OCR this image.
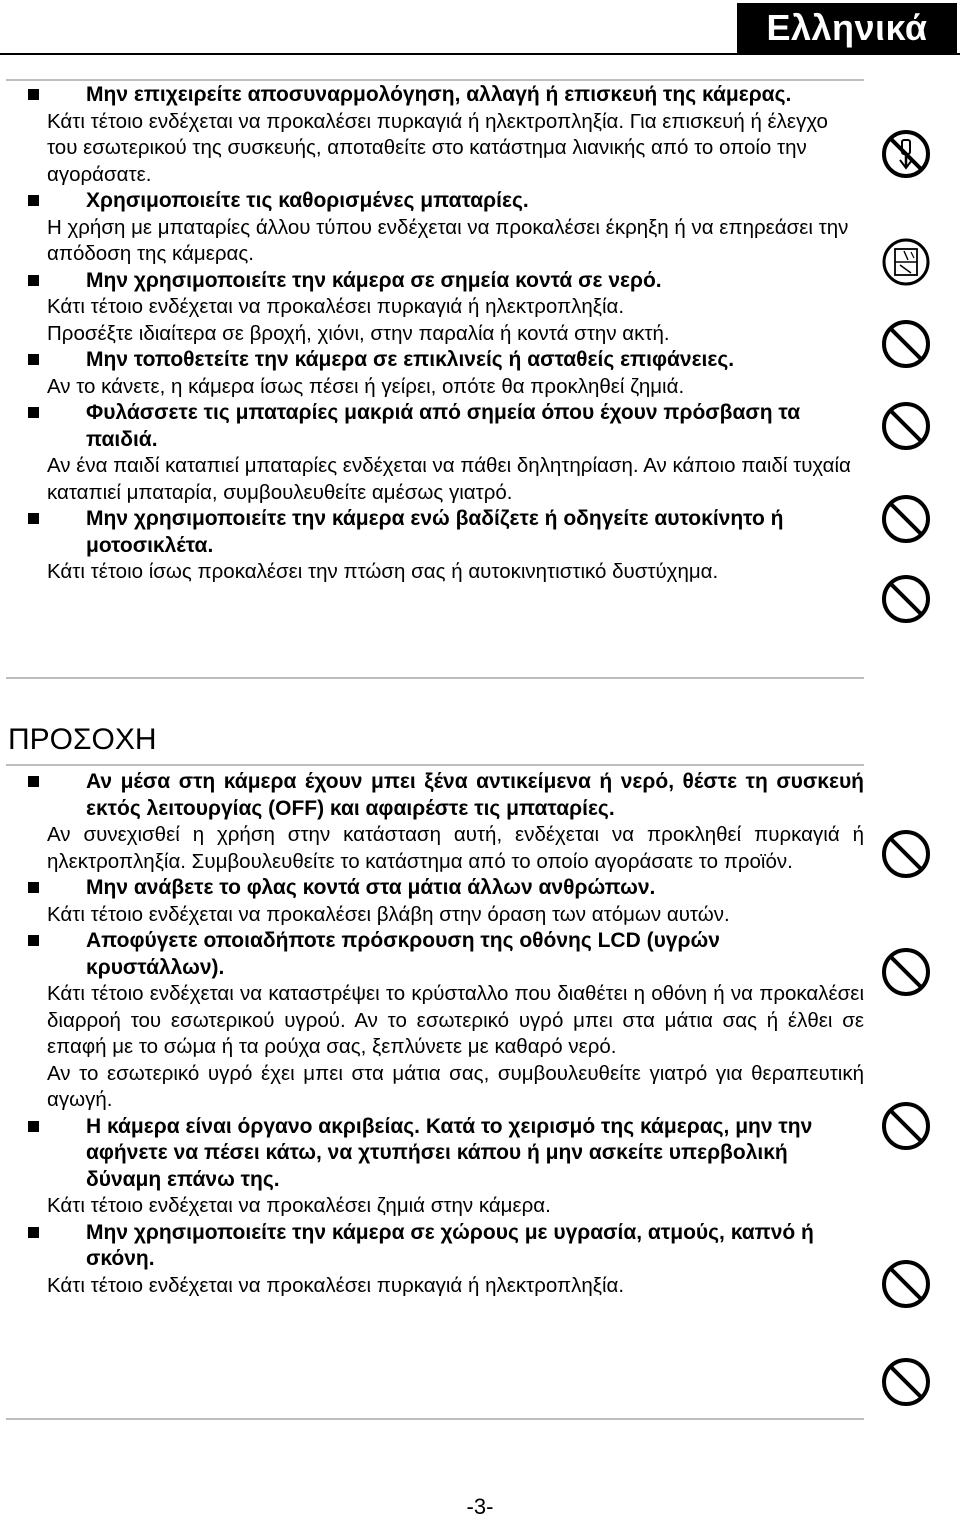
Ελληνικά
Μην επιχειρείτε αποσυναρμολόγηση, αλλαγή ή επισκευή της κάμερας.

Κάτι τέτοιο ενδέχεται να προκαλέσει πυρκαγιά ή ηλεκτροπληξία. Για επισκευή ή έλεγχο του εσωτερικού της συσκευής, αποταθείτε στο κατάστημα λιανικής από το οποίο την αγοράσατε.

Χρησιμοποιείτε τις καθορισμένες μπαταρίες.

Η χρήση με μπαταρίες άλλου τύπου ενδέχεται να προκαλέσει έκρηξη ή να επηρεάσει την απόδοση της κάμερας.

Μην χρησιμοποιείτε την κάμερα σε σημεία κοντά σε νερό.

Κάτι τέτοιο ενδέχεται να προκαλέσει πυρκαγιά ή ηλεκτροπληξία.

Προσέξτε ιδιαίτερα σε βροχή, χιόνι, στην παραλία ή κοντά στην ακτή.

Μην τοποθετείτε την κάμερα σε επικλινείς ή ασταθείς επιφάνειες.

Αν το κάνετε, η κάμερα ίσως πέσει ή γείρει, οπότε θα προκληθεί ζημιά.

Φυλάσσετε τις μπαταρίες μακριά από σημεία όπου έχουν πρόσβαση τα παιδιά.

Αν ένα παιδί καταπιεί μπαταρίες ενδέχεται να πάθει δηλητηρίαση. Αν κάποιο παιδί τυχαία καταπιεί μπαταρία, συμβουλευθείτε αμέσως γιατρό.

Μην χρησιμοποιείτε την κάμερα ενώ βαδίζετε ή οδηγείτε αυτοκίνητο ή μοτοσικλέτα.

Κάτι τέτοιο ίσως προκαλέσει την πτώση σας ή αυτοκινητιστικό δυστύχημα.

ΠΡΟΣΟΧΗ
Αν μέσα στη κάμερα έχουν μπει ξένα αντικείμενα ή νερό, θέστε τη συσκευή εκτός λειτουργίας (OFF) και αφαιρέστε τις μπαταρίες.

Αν συνεχισθεί η χρήση στην κατάσταση αυτή, ενδέχεται να προκληθεί πυρκαγιά ή ηλεκτροπληξία. Συμβουλευθείτε το κατάστημα από το οποίο αγοράσατε το προϊόν.

Μην ανάβετε το φλας κοντά στα μάτια άλλων ανθρώπων.

Κάτι τέτοιο ενδέχεται να προκαλέσει βλάβη στην όραση των ατόμων αυτών.

Αποφύγετε οποιαδήποτε πρόσκρουση της οθόνης LCD (υγρών κρυστάλλων).

Κάτι τέτοιο ενδέχεται να καταστρέψει το κρύσταλλο που διαθέτει η οθόνη ή να προκαλέσει διαρροή του εσωτερικού υγρού. Αν το εσωτερικό υγρό μπει στα μάτια σας ή έλθει σε επαφή με το σώμα ή τα ρούχα σας, ξεπλύνετε με καθαρό νερό.

Αν το εσωτερικό υγρό έχει μπει στα μάτια σας, συμβουλευθείτε γιατρό για θεραπευτική αγωγή.

Η κάμερα είναι όργανο ακριβείας. Κατά το χειρισμό της κάμερας, μην την αφήνετε να πέσει κάτω, να χτυπήσει κάπου ή μην ασκείτε υπερβολική δύναμη επάνω της.

Κάτι τέτοιο ενδέχεται να προκαλέσει ζημιά στην κάμερα.

Μην χρησιμοποιείτε την κάμερα σε χώρους με υγρασία, ατμούς, καπνό ή σκόνη.

Κάτι τέτοιο ενδέχεται να προκαλέσει πυρκαγιά ή ηλεκτροπληξία.

-3-
